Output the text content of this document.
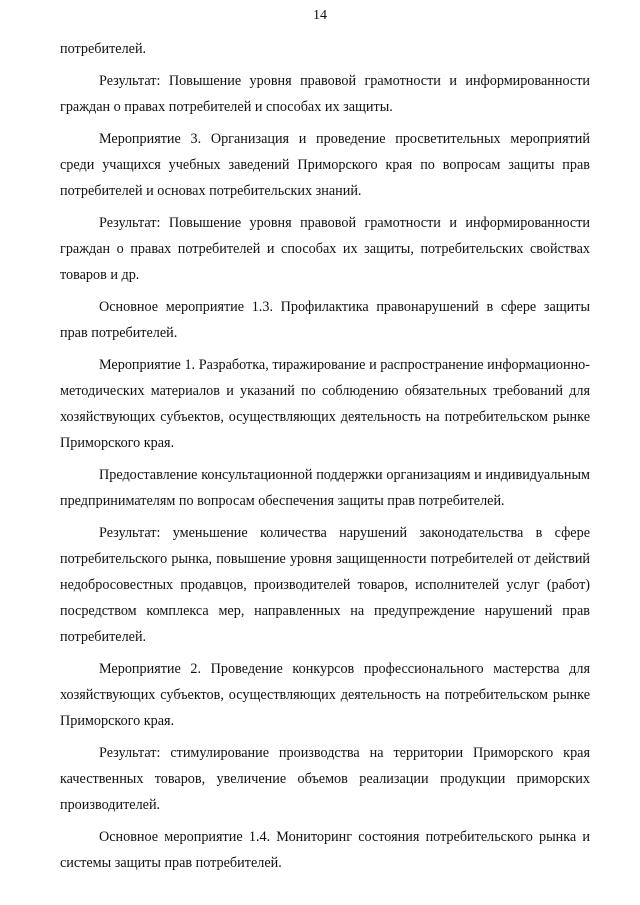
14

потребителей.

Результат: Повышение уровня правовой грамотности и информированности граждан о правах потребителей и способах их защиты.

Мероприятие 3. Организация и проведение просветительных мероприятий среди учащихся учебных заведений Приморского края по вопросам защиты прав потребителей и основах потребительских знаний.

Результат: Повышение уровня правовой грамотности и информированности граждан о правах потребителей и способах их защиты, потребительских свойствах товаров и др.

Основное мероприятие 1.3. Профилактика правонарушений в сфере защиты прав потребителей.

Мероприятие 1. Разработка, тиражирование и распространение информационно-методических материалов и указаний по соблюдению обязательных требований для хозяйствующих субъектов, осуществляющих деятельность на потребительском рынке Приморского края.

Предоставление консультационной поддержки организациям и индивидуальным предпринимателям по вопросам обеспечения защиты прав потребителей.

Результат: уменьшение количества нарушений законодательства в сфере потребительского рынка, повышение уровня защищенности потребителей от действий недобросовестных продавцов, производителей товаров, исполнителей услуг (работ) посредством комплекса мер, направленных на предупреждение нарушений прав потребителей.

Мероприятие 2. Проведение конкурсов профессионального мастерства для хозяйствующих субъектов, осуществляющих деятельность на потребительском рынке Приморского края.

Результат: стимулирование производства на территории Приморского края качественных товаров, увеличение объемов реализации продукции приморских производителей.

Основное мероприятие 1.4. Мониторинг состояния потребительского рынка и системы защиты прав потребителей.
